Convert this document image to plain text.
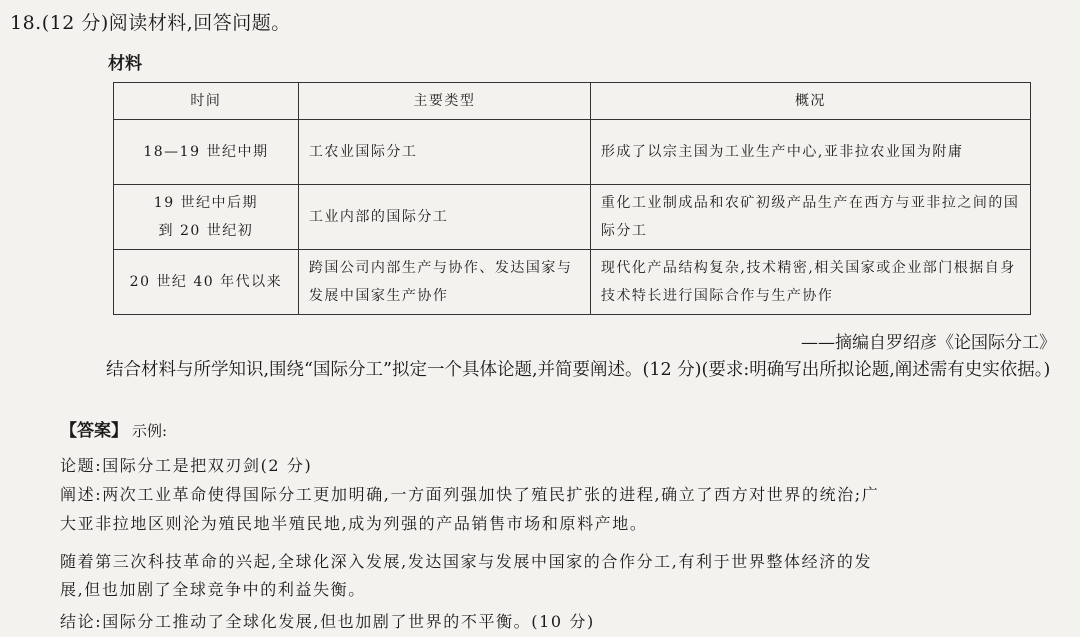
18.(12 分)阅读材料,回答问题。
材料
时间	主要类型	概况
18—19 世纪中期	工农业国际分工	形成了以宗主国为工业生产中心,亚非拉农业国为附庸

19 世纪中后期
到 20 世纪初	工业内部的国际分工	重化工业制成品和农矿初级产品生产在西方与亚非拉之间的国际分工
20 世纪 40 年代以来	跨国公司内部生产与协作、发达国家与发展中国家生产协作	现代化产品结构复杂,技术精密,相关国家或企业部门根据自身技术特长进行国际合作与生产协作
——摘编自罗绍彦《论国际分工》
结合材料与所学知识,围绕“国际分工”拟定一个具体论题,并简要阐述。(12 分)(要求:明确写出所拟论题,阐述需有史实依据。)
【答案】 示例:
论题:国际分工是把双刃剑(2 分)
阐述:两次工业革命使得国际分工更加明确,一方面列强加快了殖民扩张的进程,确立了西方对世界的统治;广
大亚非拉地区则沦为殖民地半殖民地,成为列强的产品销售市场和原料产地。
随着第三次科技革命的兴起,全球化深入发展,发达国家与发展中国家的合作分工,有利于世界整体经济的发
展,但也加剧了全球竞争中的利益失衡。
结论:国际分工推动了全球化发展,但也加剧了世界的不平衡。(10 分)
